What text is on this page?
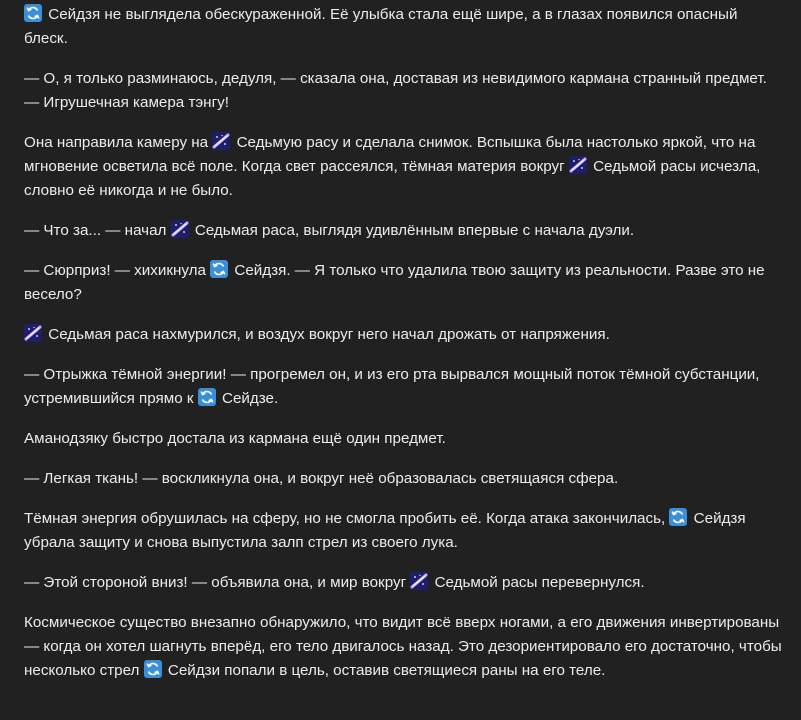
Сейдзя не выглядела обескураженной. Её улыбка стала ещё шире, а в глазах появился опасный блеск.

— О, я только разминаюсь, дедуля, — сказала она, доставая из невидимого кармана странный предмет. — Игрушечная камера тэнгу!

Она направила камеру на
Седьмую расу и сделала снимок. Вспышка была настолько яркой, что на мгновение осветила всё поле. Когда свет рассеялся, тёмная материя вокруг
Седьмой расы исчезла, словно её никогда и не было.

— Что за... — начал
Седьмая раса, выглядя удивлённым впервые с начала дуэли.

— Сюрприз! — хихикнула
Сейдзя. — Я только что удалила твою защиту из реальности. Разве это не весело?

Седьмая раса нахмурился, и воздух вокруг него начал дрожать от напряжения.

— Отрыжка тёмной энергии! — прогремел он, и из его рта вырвался мощный поток тёмной субстанции, устремившийся прямо к
Сейдзе.

Аманодзяку быстро достала из кармана ещё один предмет.

— Легкая ткань! — воскликнула она, и вокруг неё образовалась светящаяся сфера.

Тёмная энергия обрушилась на сферу, но не смогла пробить её. Когда атака закончилась,
Сейдзя убрала защиту и снова выпустила залп стрел из своего лука.

— Этой стороной вниз! — объявила она, и мир вокруг
Седьмой расы перевернулся.

Космическое существо внезапно обнаружило, что видит всё вверх ногами, а его движения инвертированы — когда он хотел шагнуть вперёд, его тело двигалось назад. Это дезориентировало его достаточно, чтобы несколько стрел
Сейдзи попали в цель, оставив светящиеся раны на его теле.
